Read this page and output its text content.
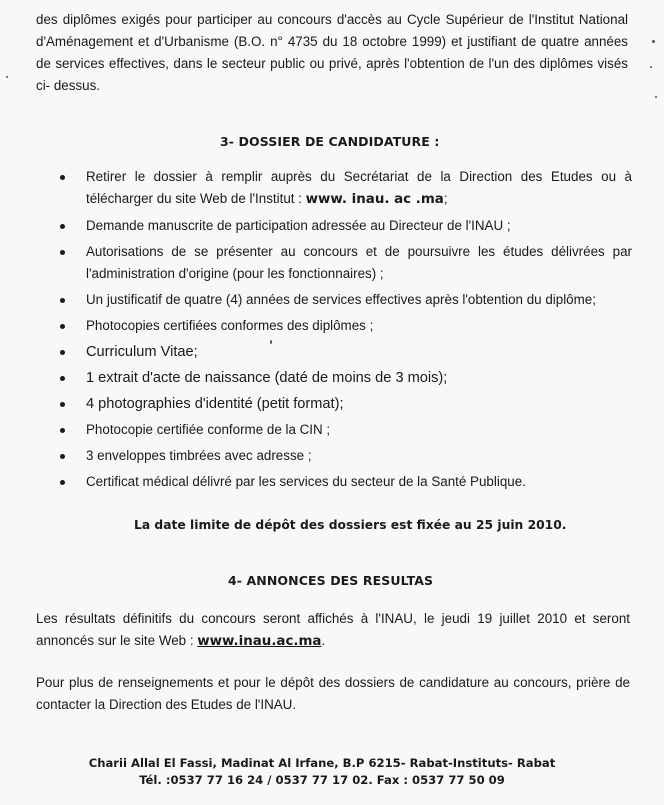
des diplômes exigés pour participer au concours d'accès au Cycle Supérieur de l'Institut National d'Aménagement et d'Urbanisme (B.O. n° 4735 du 18 octobre 1999) et justifiant de quatre années de services effectives, dans le secteur public ou privé, après l'obtention de l'un des diplômes visés ci- dessus.

3- DOSSIER DE CANDIDATURE :
Retirer le dossier à remplir auprès du Secrétariat de la Direction des Etudes ou à télécharger du site Web de l'Institut : www. inau. ac .ma;
Demande manuscrite de participation adressée au Directeur de l'INAU ;
Autorisations de se présenter au concours et de poursuivre les études délivrées par l'administration d'origine (pour les fonctionnaires) ;
Un justificatif de quatre (4) années de services effectives après l'obtention du diplôme;
Photocopies certifiées conformes des diplômes ;
Curriculum Vitae;
1 extrait d'acte de naissance (daté de moins de 3 mois);
4 photographies d'identité (petit format);
Photocopie certifiée conforme de la CIN ;
3 enveloppes timbrées avec adresse ;
Certificat médical délivré par les services du secteur de la Santé Publique.

La date limite de dépôt des dossiers est fixée au 25 juin 2010.

4- ANNONCES DES RESULTAS

Les résultats définitifs du concours seront affichés à l'INAU, le jeudi 19 juillet 2010 et seront annoncés sur le site Web : www.inau.ac.ma.

Pour plus de renseignements et pour le dépôt des dossiers de candidature au concours, prière de contacter la Direction des Etudes de l'INAU.

Charii Allal El Fassi, Madinat Al Irfane, B.P 6215- Rabat-Instituts- Rabat

Tél. :0537 77 16 24 / 0537 77 17 02. Fax : 0537 77 50 09
